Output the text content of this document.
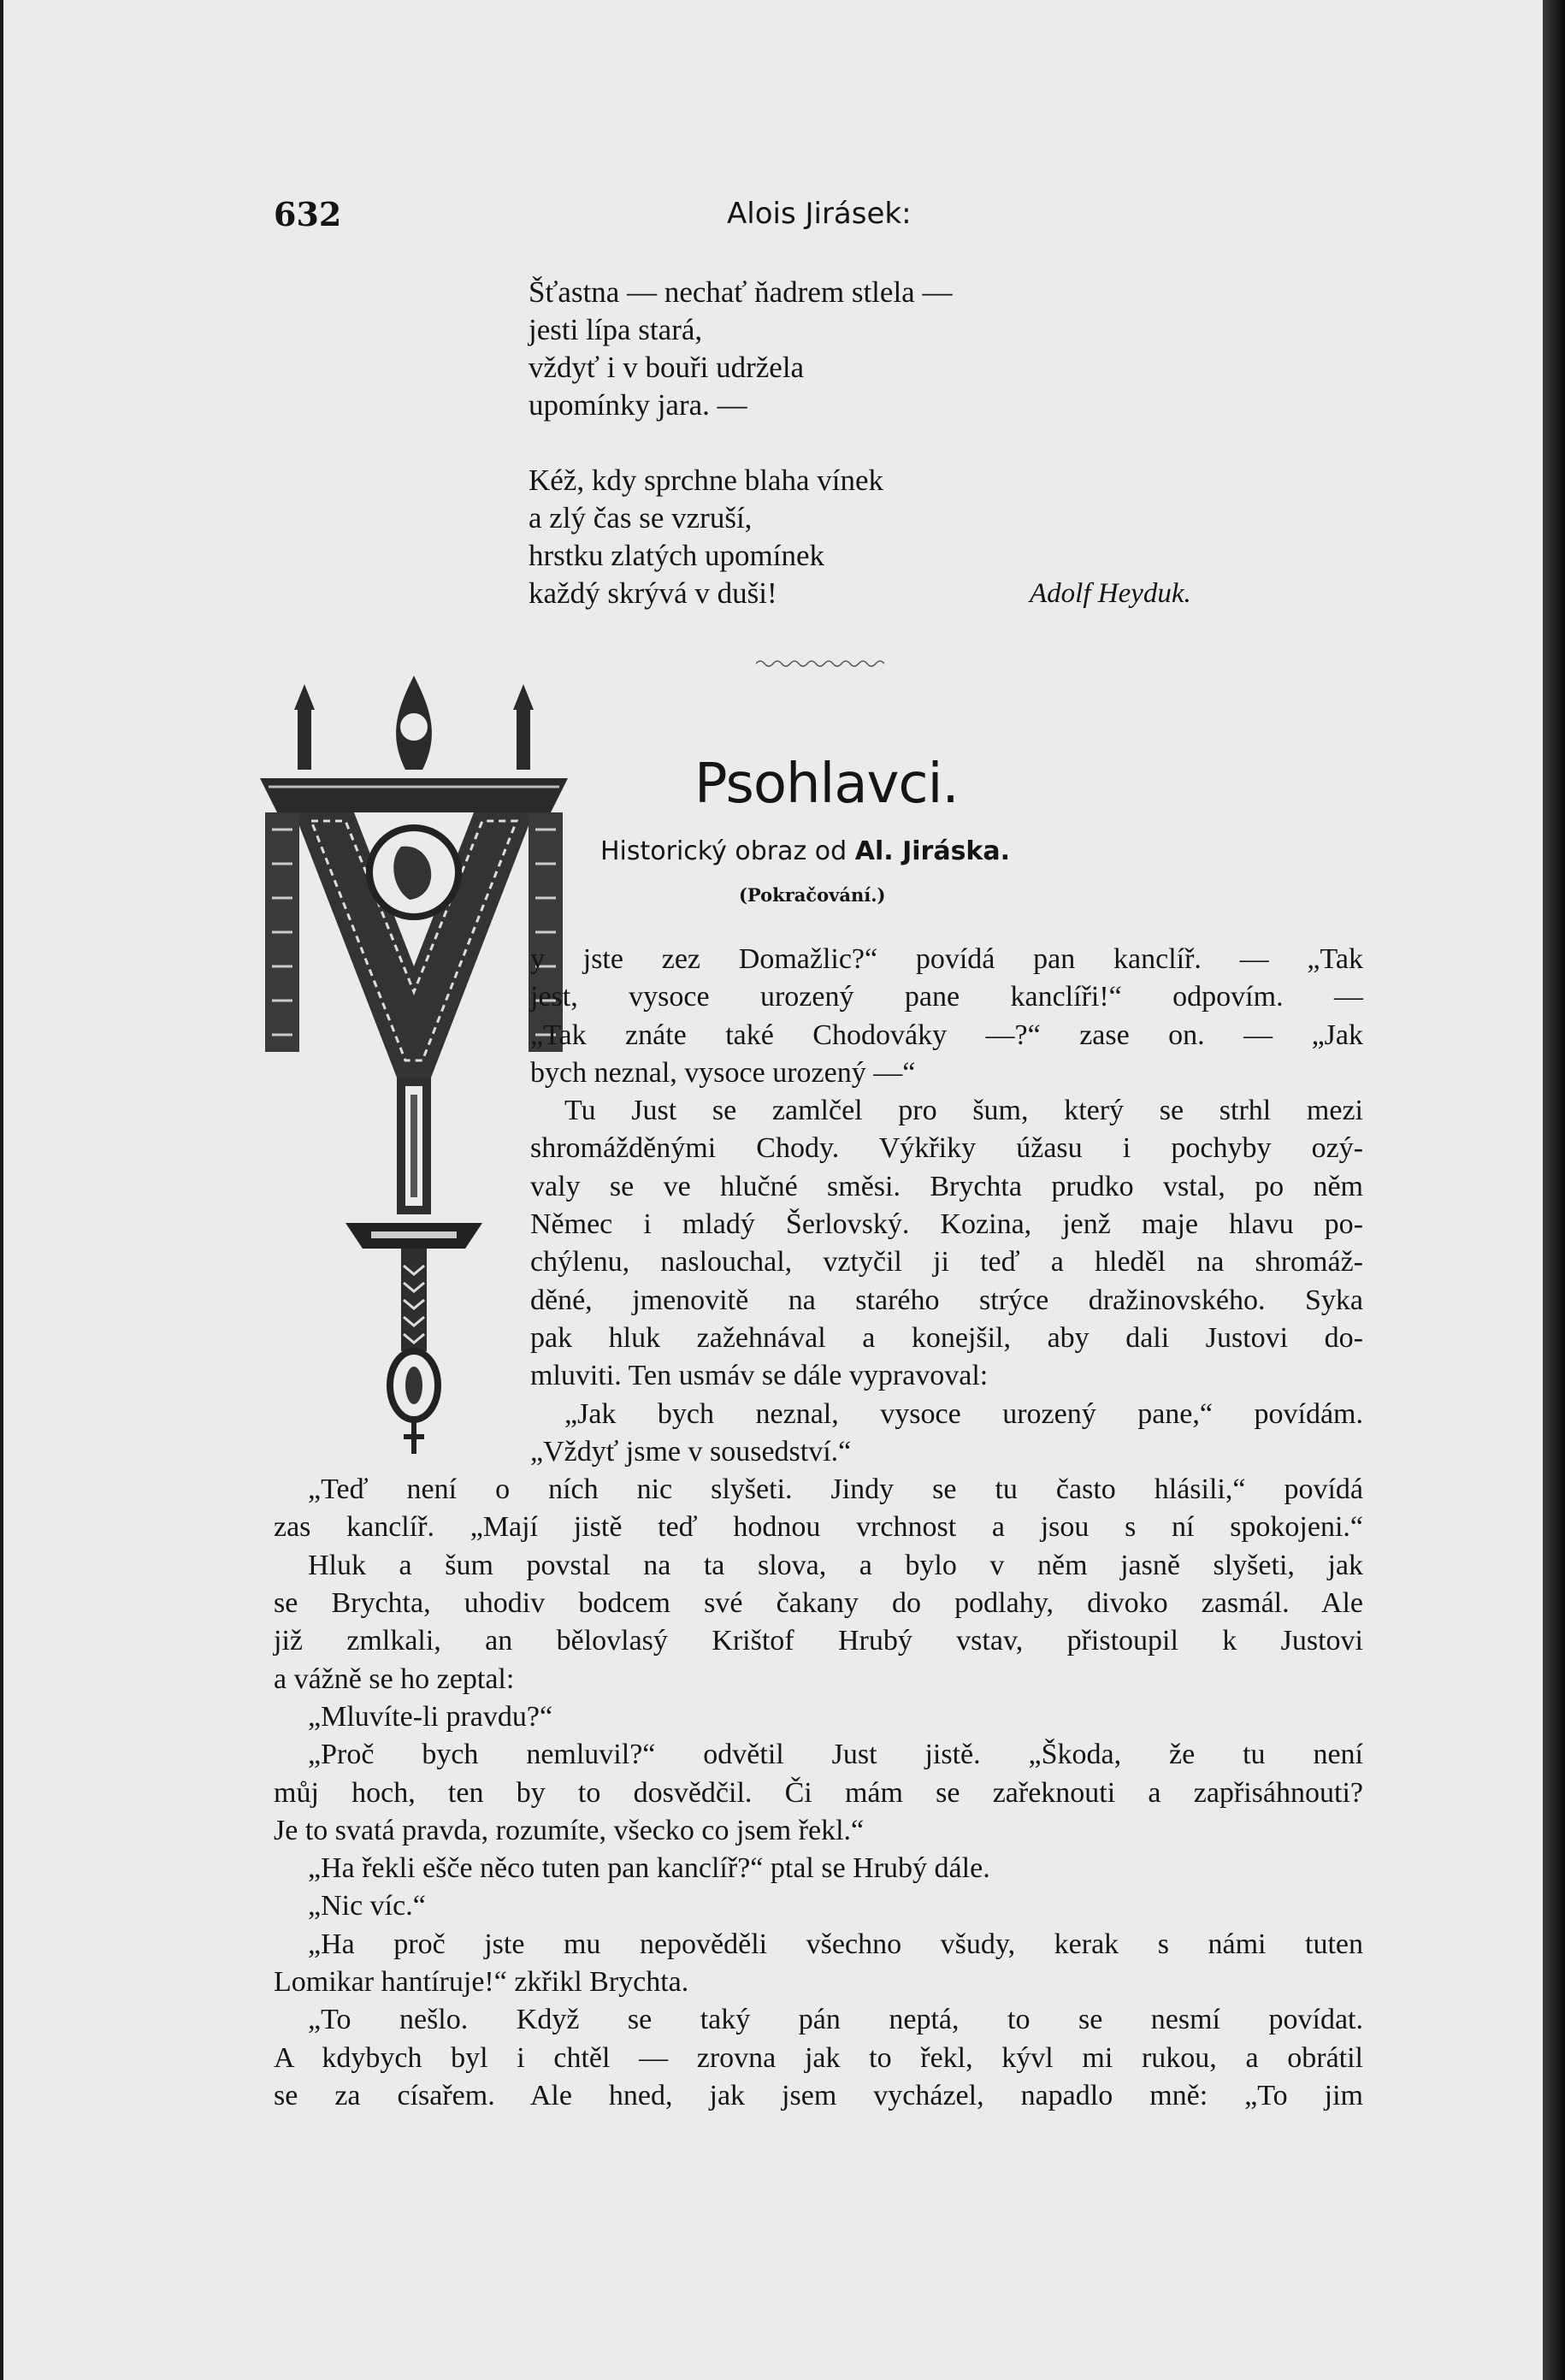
632	Alois Jirásek:
Šťastna — nechať ňadrem stlela —
jesti lípa stará,
vždyť i v bouři udržela
upomínky jara. —
Kéž, kdy sprchne blaha vínek
a zlý čas se vzruší,
hrstku zlatých upomínek
každý skrývá v duši!	Adolf Heyduk.
Psohlavci.
Historický obraz od Al. Jiráska.
(Pokračování.)
y jste zez Domažlic?“ povídá pan kanclíř. — „Tak
jest, vysoce urozený pane kanclíři!“ odpovím. —
„Tak znáte také Chodováky —?“ zase on. — „Jak
bych neznal, vysoce urozený —“
Tu Just se zamlčel pro šum, který se strhl mezi
shromážděnými Chody. Výkřiky úžasu i pochyby ozý-
valy se ve hlučné směsi. Brychta prudko vstal, po něm
Němec i mladý Šerlovský. Kozina, jenž maje hlavu po-
chýlenu, naslouchal, vztyčil ji teď a hleděl na shromáž-
děné, jmenovitě na starého strýce dražinovského. Syka
pak hluk zažehnával a konejšil, aby dali Justovi do-
mluviti. Ten usmáv se dále vypravoval:
„Jak bych neznal, vysoce urozený pane,“ povídám.
„Vždyť jsme v sousedství.“
„Teď není o ních nic slyšeti. Jindy se tu často hlásili,“ povídá
zas kanclíř. „Mají jistě teď hodnou vrchnost a jsou s ní spokojeni.“
Hluk a šum povstal na ta slova, a bylo v něm jasně slyšeti, jak
se Brychta, uhodiv bodcem své čakany do podlahy, divoko zasmál. Ale
již zmlkali, an bělovlasý Krištof Hrubý vstav, přistoupil k Justovi
a vážně se ho zeptal:
„Mluvíte-li pravdu?“
„Proč bych nemluvil?“ odvětil Just jistě. „Škoda, že tu není
můj hoch, ten by to dosvědčil. Či mám se zařeknouti a zapřisáhnouti?
Je to svatá pravda, rozumíte, všecko co jsem řekl.“
„Ha řekli ešče něco tuten pan kanclíř?“ ptal se Hrubý dále.
„Nic víc.“
„Ha proč jste mu nepověděli všechno všudy, kerak s námi tuten
Lomikar hantíruje!“ zkřikl Brychta.
„To nešlo. Když se taký pán neptá, to se nesmí povídat.
A kdybych byl i chtěl — zrovna jak to řekl, kývl mi rukou, a obrátil
se za císařem. Ale hned, jak jsem vycházel, napadlo mně: „To jim
